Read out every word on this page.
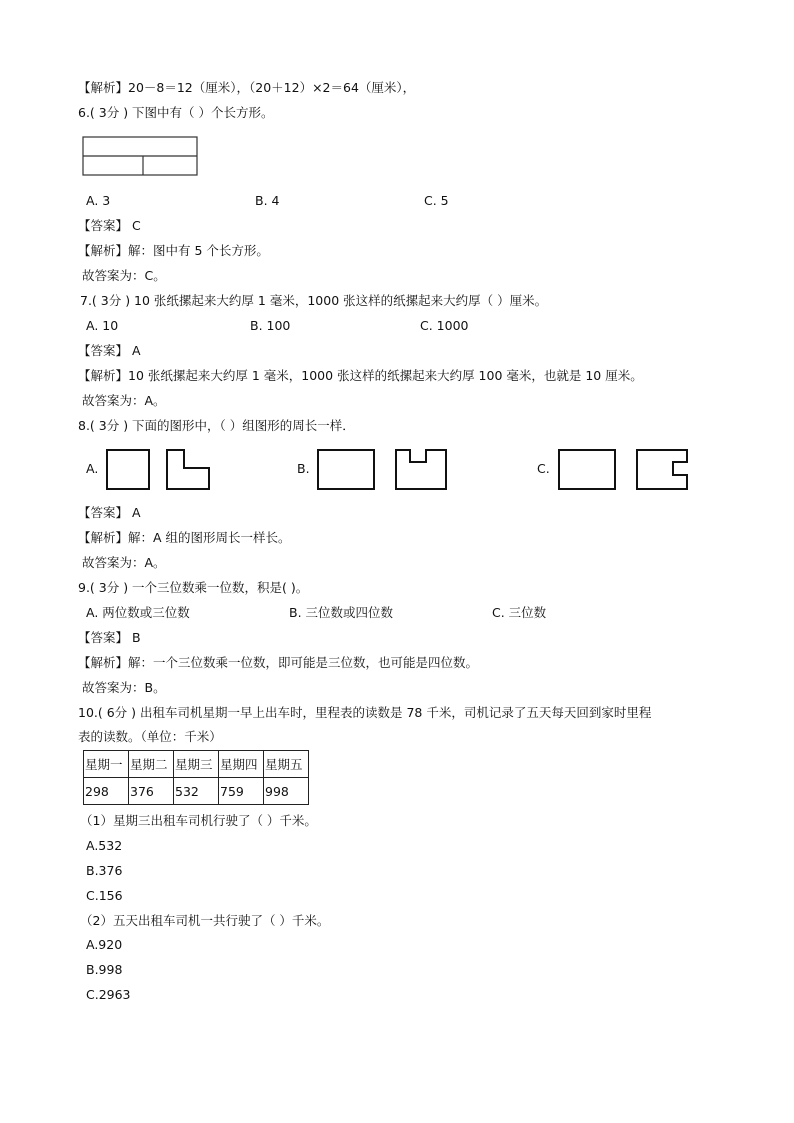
【解析】20－8＝12（厘米），（20＋12）×2＝64（厘米），
6.( 3分 ) 下图中有（ ）个长方形。
A. 3	B. 4	C. 5
【答案】 C
【解析】解：图中有 5 个长方形。
故答案为：C。
7.( 3分 ) 10 张纸摞起来大约厚 1 毫米，1000 张这样的纸摞起来大约厚（ ）厘米。
A. 10	B. 100	C. 1000
【答案】 A
【解析】10 张纸摞起来大约厚 1 毫米，1000 张这样的纸摞起来大约厚 100 毫米，也就是 10 厘米。
故答案为：A。
8.( 3分 ) 下面的图形中，（ ）组图形的周长一样．
A.	B.	C.
【答案】 A
【解析】解：A 组的图形周长一样长。
故答案为：A。
9.( 3分 ) 一个三位数乘一位数，积是( )。
A. 两位数或三位数	B. 三位数或四位数	C. 三位数
【答案】 B
【解析】解：一个三位数乘一位数，即可能是三位数，也可能是四位数。
故答案为：B。
10.( 6分 ) 出租车司机星期一早上出车时，里程表的读数是 78 千米，司机记录了五天每天回到家时里程
表的读数。（单位：千米）
星期一	星期二	星期三	星期四	星期五
298	376	532	759	998
（1）星期三出租车司机行驶了（ ）千米。
A.532
B.376
C.156
（2）五天出租车司机一共行驶了（ ）千米。
A.920
B.998
C.2963
